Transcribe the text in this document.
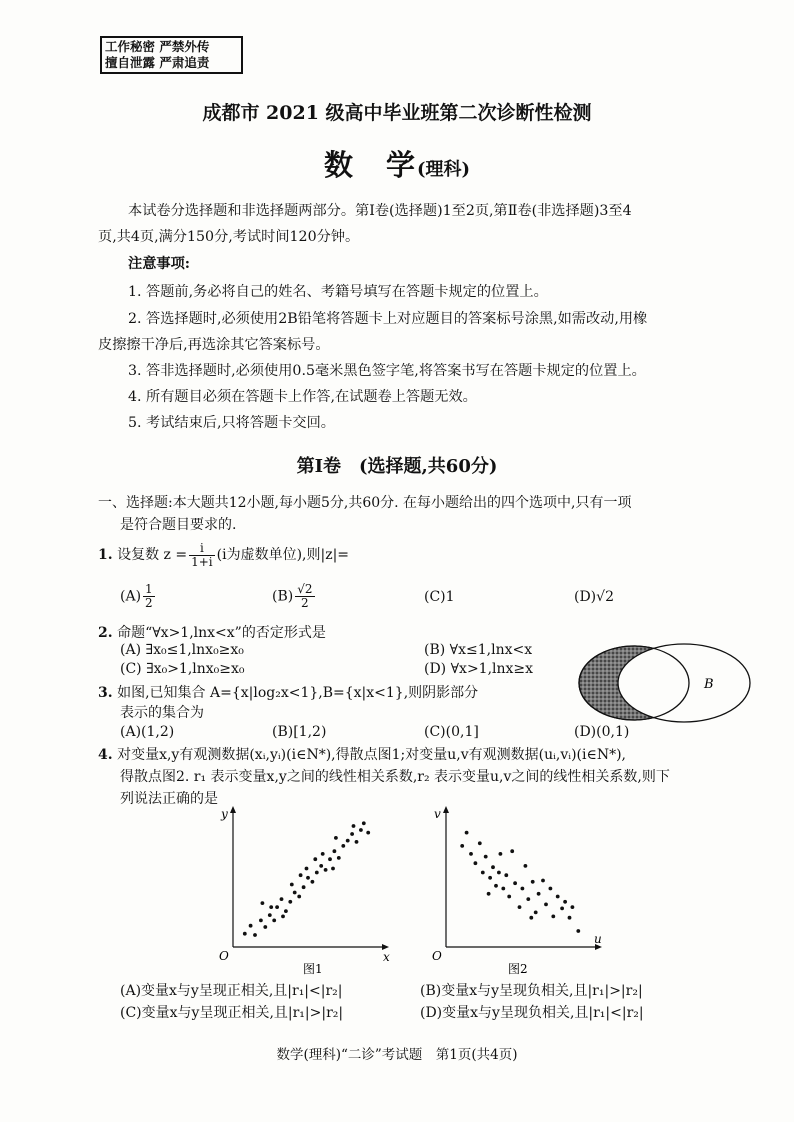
工作秘密 严禁外传
擅自泄露 严肃追责
成都市 2021 级高中毕业班第二次诊断性检测
数　学(理科)
本试卷分选择题和非选择题两部分。第Ⅰ卷(选择题)1至2页,第Ⅱ卷(非选择题)3至4
页,共4页,满分150分,考试时间120分钟。
注意事项:
1. 答题前,务必将自己的姓名、考籍号填写在答题卡规定的位置上。
2. 答选择题时,必须使用2B铅笔将答题卡上对应题目的答案标号涂黑,如需改动,用橡
皮擦擦干净后,再选涂其它答案标号。
3. 答非选择题时,必须使用0.5毫米黑色签字笔,将答案书写在答题卡规定的位置上。
4. 所有题目必须在答题卡上作答,在试题卷上答题无效。
5. 考试结束后,只将答题卡交回。
第Ⅰ卷　(选择题,共60分)
一、选择题:本大题共12小题,每小题5分,共60分. 在每小题给出的四个选项中,只有一项
是符合题目要求的.
1. 设复数 $z = \frac{i}{1+i} (i$为虚数单位),则|z|=
$(A) \frac{1}{2}$	$(B) \frac{√2}{2}$	(C)1	(D)√2
2. 命题“∀x>1,lnx<x”的否定形式是
(A) ∃x₀≤1,lnx₀≥x₀	(B) ∀x≤1,lnx<x
(C) ∃x₀>1,lnx₀≥x₀	(D) ∀x>1,lnx≥x
3. 如图,已知集合 A={x|log₂x<1},B={x|x<1},则阴影部分
表示的集合为
(A)(1,2)	(B)[1,2)	(C)(0,1]	(D)(0,1)
B
4. 对变量x,y有观测数据(xᵢ,yᵢ)(i∈N*),得散点图1;对变量u,v有观测数据(uᵢ,vᵢ)(i∈N*),
得散点图2. r₁ 表示变量x,y之间的线性相关系数,r₂ 表示变量u,v之间的线性相关系数,则下
列说法正确的是
y
x
O
图1
v
u
O
图2
(A)变量x与y呈现正相关,且|r₁|<|r₂|	(B)变量x与y呈现负相关,且|r₁|>|r₂|
(C)变量x与y呈现正相关,且|r₁|>|r₂|	(D)变量x与y呈现负相关,且|r₁|<|r₂|
数学(理科)“二诊”考试题　第1页(共4页)
